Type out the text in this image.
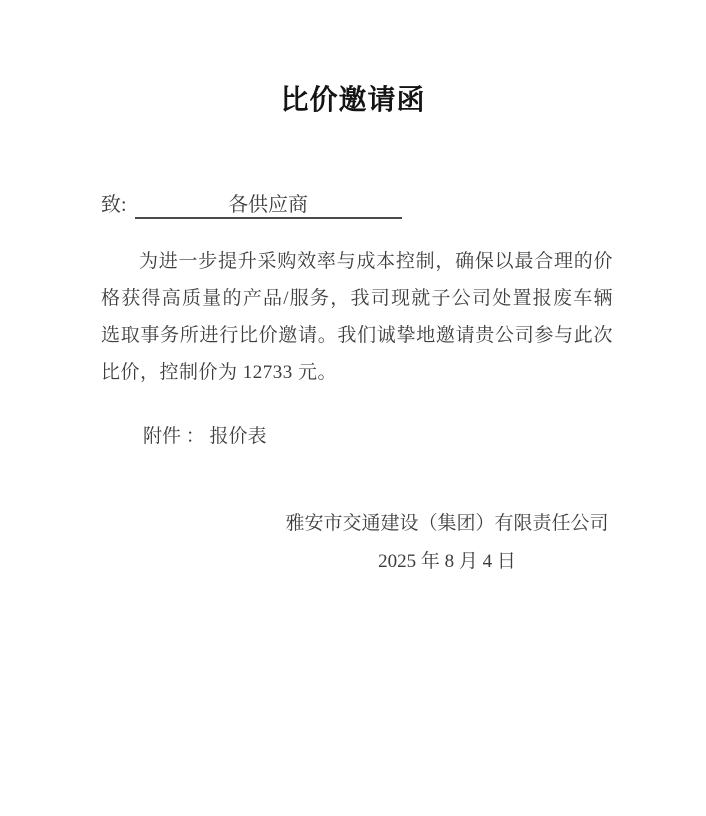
比价邀请函
致:	各供应商
为进一步提升采购效率与成本控制，确保以最合理的价格获得高质量的产品/服务，我司现就子公司处置报废车辆选取事务所进行比价邀请。我们诚挚地邀请贵公司参与此次比价，控制价为 12733 元。
附件 ： 报价表
雅安市交通建设（集团）有限责任公司
2025 年 8 月 4 日
